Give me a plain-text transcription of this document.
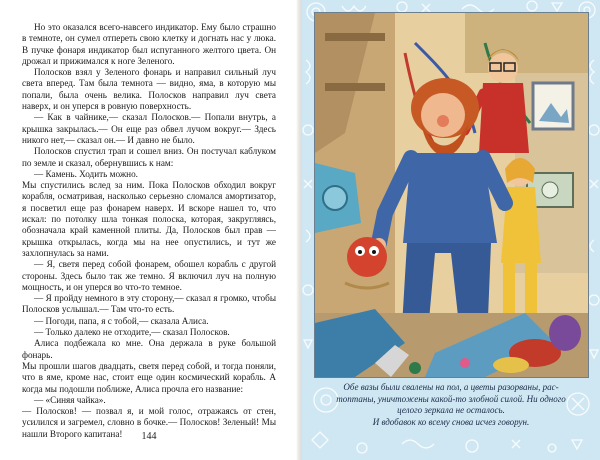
Но это оказался всего-навсего индикатор. Ему было страшно в темноте, он сумел отпереть свою клетку и догнать нас у люка. В пучке фонаря индикатор был испуганного желтого цвета. Он дрожал и прижимался к ноге Зеленого.

Полосков взял у Зеленого фонарь и направил сильный луч света вперед. Там была темнота — видно, яма, в которую мы попали, была очень велика. Полосков направил луч света наверх, и он уперся в ровную поверхность.

— Как в чайнике,— сказал Полосков.— Попали внутрь, а крышка закрылась.— Он еще раз обвел лучом вокруг.— Здесь никого нет,— сказал он.— И давно не было.

Полосков спустил трап и сошел вниз. Он постучал каблуком по земле и сказал, обернувшись к нам:

— Камень. Ходить можно.

Мы спустились вслед за ним. Пока Полосков обходил вокруг корабля, осматривая, насколько серьезно сломался амортизатор, я посветил еще раз фонарем наверх. И вскоре нашел то, что искал: по потолку шла тонкая полоска, которая, закругляясь, обозначала край каменной плиты. Да, Полосков был прав — крышка открылась, когда мы на нее опустились, и тут же захлопнулась за нами.

— Я, светя перед собой фонарем, обошел корабль с другой стороны. Здесь было так же темно. Я включил луч на полную мощность, и он уперся во что-то темное.

— Я пройду немного в эту сторону,— сказал я громко, чтобы Полосков услышал.— Там что-то есть.

— Погоди, папа, я с тобой,— сказала Алиса.

— Только далеко не отходите,— сказал Полосков.

Алиса подбежала ко мне. Она держала в руке большой фонарь.

Мы прошли шагов двадцать, светя перед собой, и тогда поняли, что в яме, кроме нас, стоит еще один космический корабль. А когда мы подошли поближе, Алиса прочла его название:

— «Синяя чайка».

— Полосков! — позвал я, и мой голос, отражаясь от стен, усилился и загремел, словно в бочке.— Полосков! Зеленый! Мы нашли Второго капитана!	144
Обе вазы были свалены на пол, а цветы разорваны, рас-
топтаны, уничтожены какой-то злобной силой. Ни одного
целого зеркала не осталось.
И вдобавок ко всему снова исчез говорун.
